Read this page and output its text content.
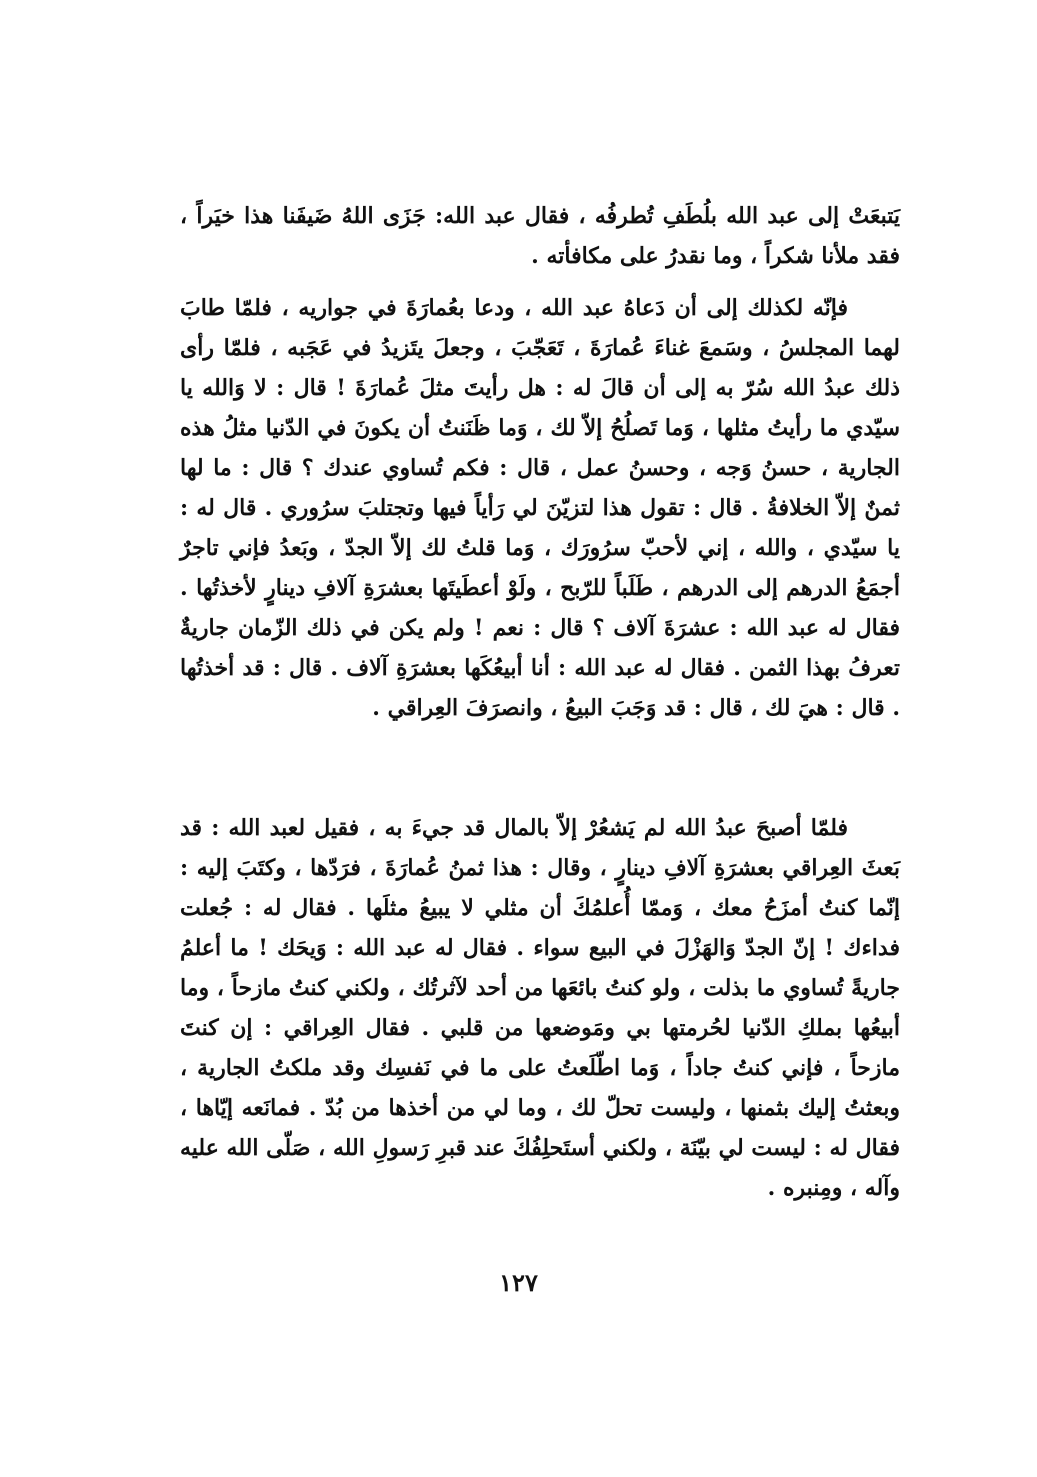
يَتبعَتْ إلى عبد الله بلُطَفِ تُطرفُه ، فقال عبد الله: جَزَى اللهُ ضَيفَنا هذا خيَراً ، فقد ملأنا شكراً ، وما نقدرُ على مكافأته .

فإنّه لكذلك إلى أن دَعاهُ عبد الله ، ودعا بعُمارَةَ في جواريه ، فلمّا طابَ لهما المجلسُ ، وسَمعَ غناءَ عُمارَةَ ، تَعَجّبَ ، وجعلَ يتَزيدُ في عَجَبه ، فلمّا رأى ذلك عبدُ الله سُرّ به إلى أن قالَ له : هل رأيتَ مثلَ عُمارَةَ ! قال : لا وَالله يا سيّدي ما رأيتُ مثلها ، وَما تَصلُحُ إلاّ لك ، وَما ظَنَنتُ أن يكونَ في الدّنيا مثلُ هذه الجارية ، حسنُ وَجه ، وحسنُ عمل ، قال : فكم تُساوي عندك ؟ قال : ما لها ثمنٌ إلاّ الخلافةُ . قال : تقول هذا لتزيّنَ لي رَأياً فيها وتجتلبَ سرُوري . قال له : يا سيّدي ، والله ، إني لأحبّ سرُورَك ، وَما قلتُ لك إلاّ الجدّ ، وبَعدُ فإني تاجرٌ أجمَعُ الدرهم إلى الدرهم ، طَلَباً للرّبح ، ولَوْ أعطَيتَها بعشرَةِ آلافِ دينارٍ لأخذتُها . فقال له عبد الله : عشرَةَ آلاف ؟ قال : نعم ! ولم يكن في ذلك الزّمان جاريةٌ تعرفُ بهذا الثمن . فقال له عبد الله : أنا أبيعُكَها بعشرَةِ آلاف . قال : قد أخذتُها . قال : هيَ لك ، قال : قد وَجَبَ البيعُ ، وانصرَفَ العِراقي .

فلمّا أصبحَ عبدُ الله لم يَشعُرْ إلاّ بالمال قد جيءَ به ، فقيل لعبد الله : قد بَعثَ العِراقي بعشرَةِ آلافِ دينارٍ ، وقال : هذا ثمنُ عُمارَةَ ، فرَدّها ، وكتَبَ إليه : إنّما كنتُ أمزَحُ معك ، وَممّا أُعلمُكَ أن مثلي لا يبيعُ مثلَها . فقال له : جُعلت فداءك ! إنّ الجدّ وَالهَزْلَ في البيع سواء . فقال له عبد الله : وَيحَك ! ما أعلمُ جاريةً تُساوي ما بذلت ، ولو كنتُ بائعَها من أحد لآثرتُك ، ولكني كنتُ مازحاً ، وما أبيعُها بملكِ الدّنيا لحُرمتها بي ومَوضعها من قلبي . فقال العِراقي : إن كنتَ مازحاً ، فإني كنتُ جاداً ، وَما اطّلَعتُ على ما في نَفسِك وقد ملكتُ الجارية ، وبعثتُ إليك بثمنها ، وليست تحلّ لك ، وما لي من أخذها من بُدّ . فمانَعه إيّاها ، فقال له : ليست لي بيّنَة ، ولكني أستَحلِفُكَ عند قبرِ رَسولِ الله ، صَلّى الله عليه وآله ، ومِنبره .

١٢٧
